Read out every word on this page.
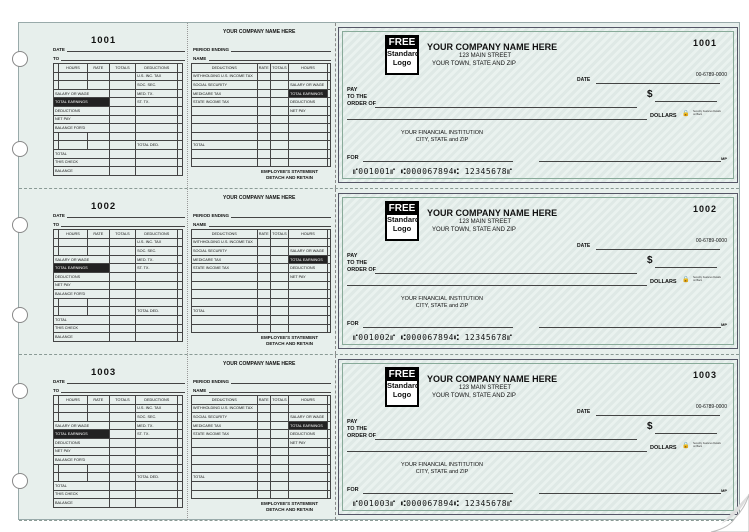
1001
DATE
TO
	HOURS	RATE	TOTALS	DEDUCTIONS	
				U.S. INC. TAX	
				SOC. SEC.	
SALARY OR WAGE				MED. TX.	
TOTAL EARNINGS				ST. TX.	
DEDUCTIONS					
NET PAY					
BALANCE FOR'D					

				TOTAL DED.	
TOTAL					
THIS CHECK					
BALANCE					
YOUR COMPANY NAME HERE
PERIOD ENDING
NAME
DEDUCTIONS	RATE	TOTALS	HOURS	
WITHHOLDING U.S. INCOME TAX				
SOCIAL SECURITY			SALARY OR WAGE	
MEDICARE TAX			TOTAL EARNINGS	
STATE INCOME TAX			DEDUCTIONS	
			NET PAY	

TOTAL				

EMPLOYEE'S STATEMENT
DETACH AND RETAIN
FREE
Standard
Logo
YOUR COMPANY NAME HERE
123 MAIN STREET
YOUR TOWN, STATE AND ZIP
1001
DATE
00-6789-0000
PAY
TO THE
ORDER OF
$
DOLLARS 🔒 Security Features Details on Back
YOUR FINANCIAL INSTITUTION
CITY, STATE and ZIP
FOR	MP
⑈001001⑈ ⑆000067894⑆ 12345678⑈
1002
DATE
TO
	HOURS	RATE	TOTALS	DEDUCTIONS	
				U.S. INC. TAX	
				SOC. SEC.	
SALARY OR WAGE				MED. TX.	
TOTAL EARNINGS				ST. TX.	
DEDUCTIONS					
NET PAY					
BALANCE FOR'D					

				TOTAL DED.	
TOTAL					
THIS CHECK					
BALANCE					
YOUR COMPANY NAME HERE
PERIOD ENDING
NAME
DEDUCTIONS	RATE	TOTALS	HOURS	
WITHHOLDING U.S. INCOME TAX				
SOCIAL SECURITY			SALARY OR WAGE	
MEDICARE TAX			TOTAL EARNINGS	
STATE INCOME TAX			DEDUCTIONS	
			NET PAY	

TOTAL				

EMPLOYEE'S STATEMENT
DETACH AND RETAIN
FREE
Standard
Logo
YOUR COMPANY NAME HERE
123 MAIN STREET
YOUR TOWN, STATE AND ZIP
1002
DATE
00-6789-0000
PAY
TO THE
ORDER OF
$
DOLLARS 🔒 Security Features Details on Back
YOUR FINANCIAL INSTITUTION
CITY, STATE and ZIP
FOR	MP
⑈001002⑈ ⑆000067894⑆ 12345678⑈
1003
DATE
TO
	HOURS	RATE	TOTALS	DEDUCTIONS	
				U.S. INC. TAX	
				SOC. SEC.	
SALARY OR WAGE				MED. TX.	
TOTAL EARNINGS				ST. TX.	
DEDUCTIONS					
NET PAY					
BALANCE FOR'D					

				TOTAL DED.	
TOTAL					
THIS CHECK					
BALANCE					
YOUR COMPANY NAME HERE
PERIOD ENDING
NAME
DEDUCTIONS	RATE	TOTALS	HOURS	
WITHHOLDING U.S. INCOME TAX				
SOCIAL SECURITY			SALARY OR WAGE	
MEDICARE TAX			TOTAL EARNINGS	
STATE INCOME TAX			DEDUCTIONS	
			NET PAY	

TOTAL				

EMPLOYEE'S STATEMENT
DETACH AND RETAIN
FREE
Standard
Logo
YOUR COMPANY NAME HERE
123 MAIN STREET
YOUR TOWN, STATE AND ZIP
1003
DATE
00-6789-0000
PAY
TO THE
ORDER OF
$
DOLLARS 🔒 Security Features Details on Back
YOUR FINANCIAL INSTITUTION
CITY, STATE and ZIP
FOR	MP
⑈001003⑈ ⑆000067894⑆ 12345678⑈
